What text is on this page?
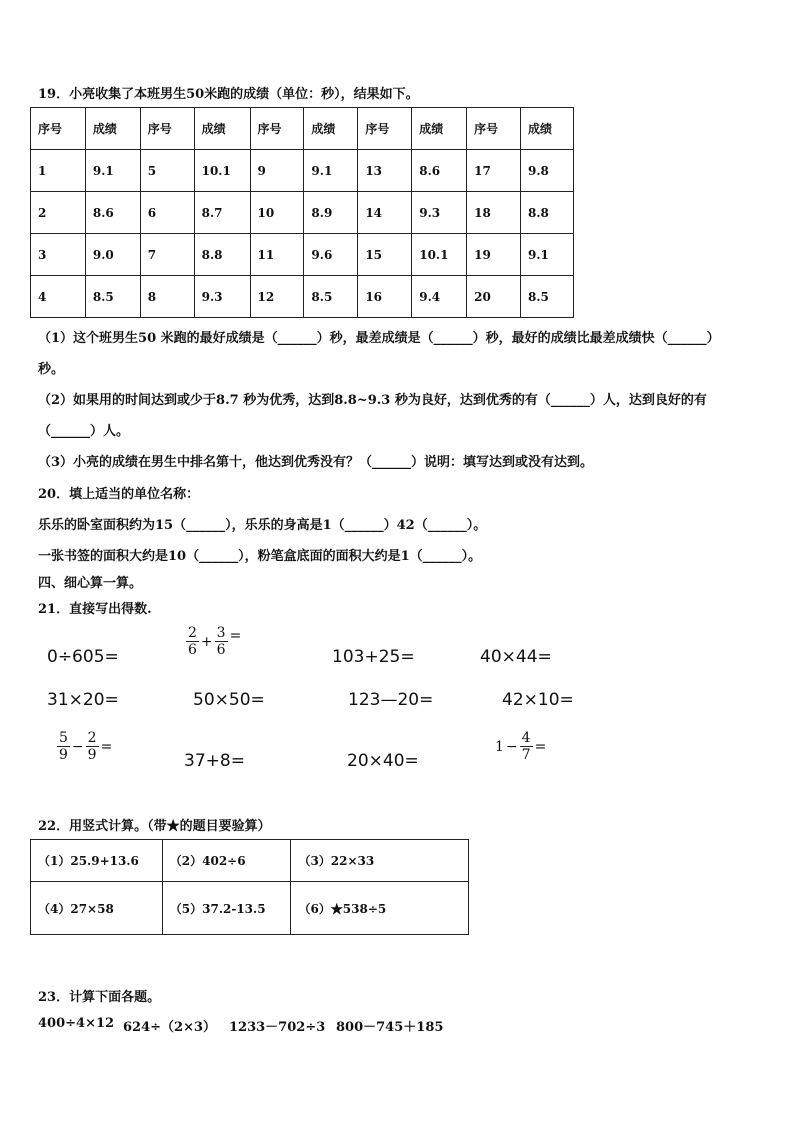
19．小亮收集了本班男生50米跑的成绩（单位：秒），结果如下。
序号	成绩	序号	成绩	序号	成绩	序号	成绩	序号	成绩
1	9.1	5	10.1	9	9.1	13	8.6	17	9.8
2	8.6	6	8.7	10	8.9	14	9.3	18	8.8
3	9.0	7	8.8	11	9.6	15	10.1	19	9.1
4	8.5	8	9.3	12	8.5	16	9.4	20	8.5
（1）这个班男生50 米跑的最好成绩是（______）秒，最差成绩是（______）秒，最好的成绩比最差成绩快（______）
秒。
（2）如果用的时间达到或少于8.7 秒为优秀，达到8.8~9.3 秒为良好，达到优秀的有（______）人，达到良好的有
（______）人。
（3）小亮的成绩在男生中排名第十，他达到优秀没有？（______）说明：填写达到或没有达到。
20．填上适当的单位名称：
乐乐的卧室面积约为15（______），乐乐的身高是1（______）42（______）。
一张书签的面积大约是10（______），粉笔盒底面的面积大约是1（______）。
四、细心算一算。
21．直接写出得数.
0÷605=	$\frac{2}{6} + \frac{3}{6}$ =
103+25=	40×44=
31×20=	50×50=	123—20=	42×10=
$\frac{5}{9} - \frac{2}{9}$ =
37+8=	20×40=
$1 - \frac{4}{7}$ =
22．用竖式计算。（带★的题目要验算）
（1）25.9+13.6	（2）402÷6	（3）22×33
（4）27×58	（5）37.2-13.5	（6）★538÷5
23．计算下面各题。
400÷4×12 624÷（2×3） 1233－702÷3 800－745＋185
